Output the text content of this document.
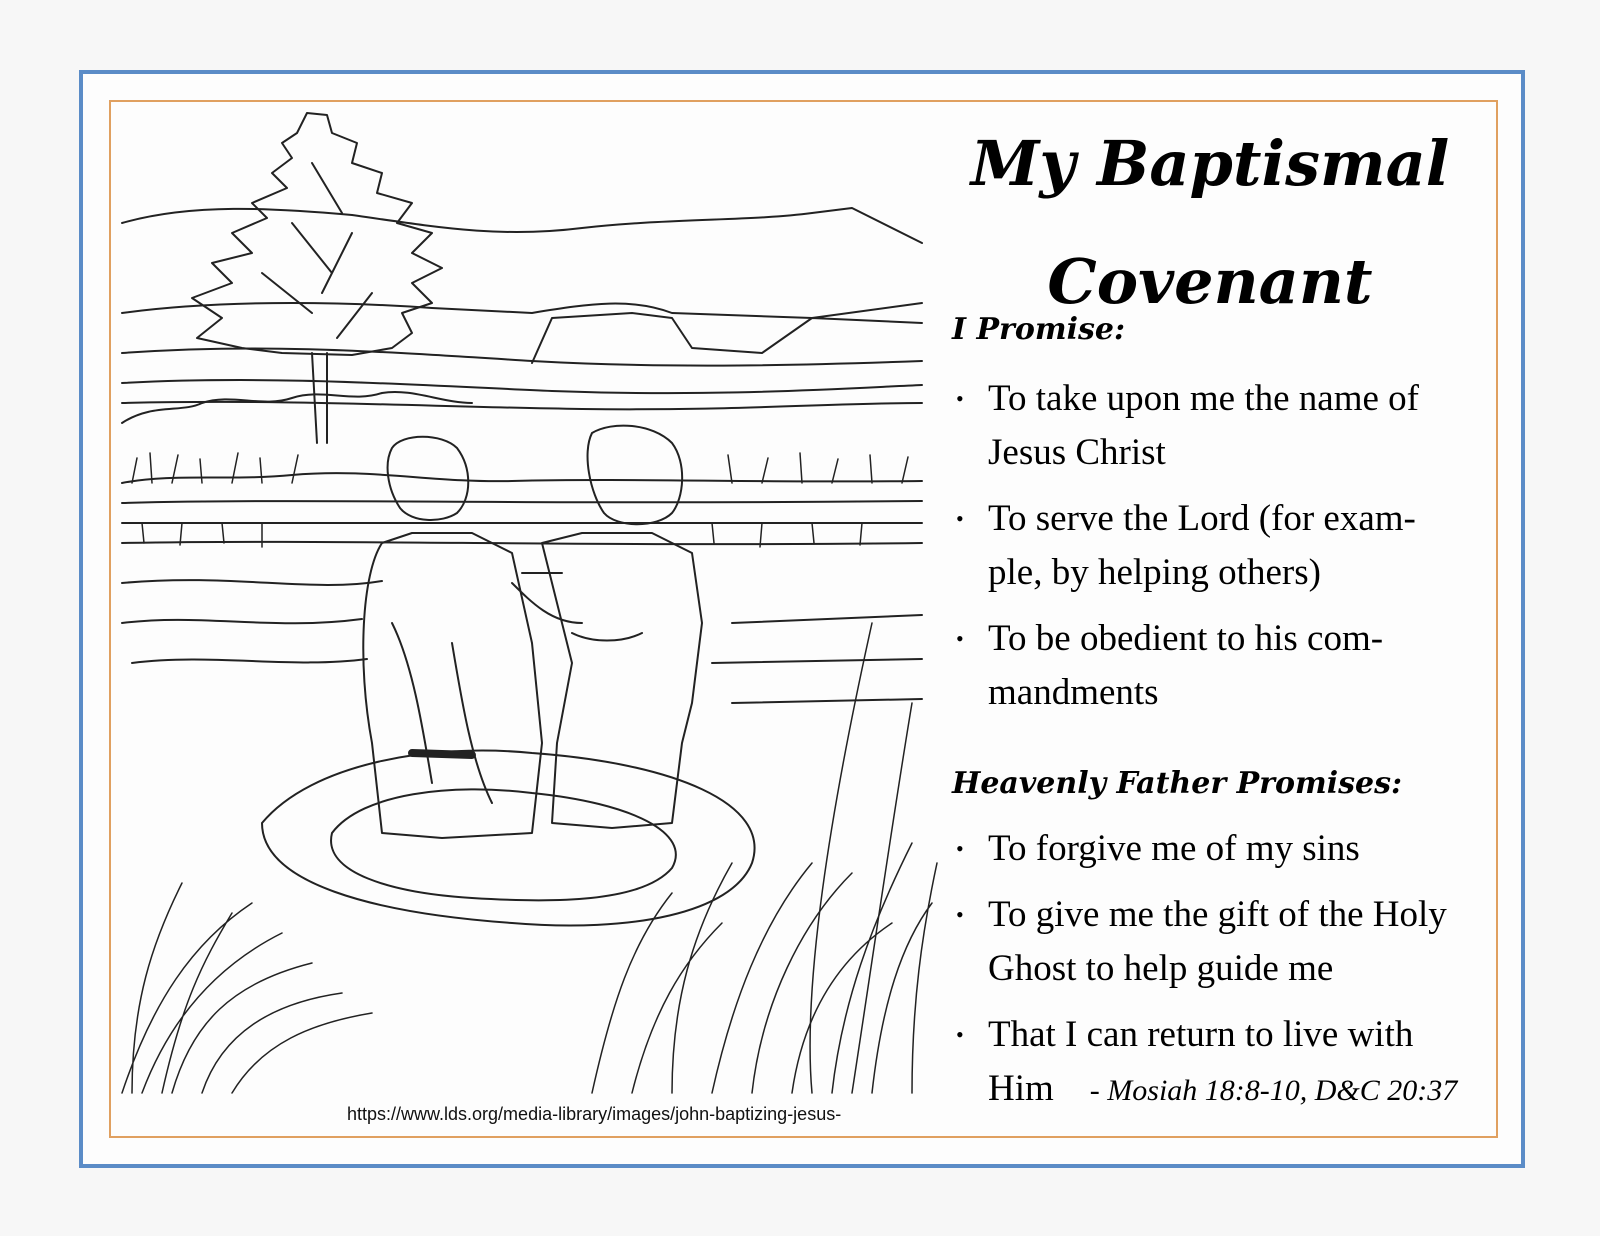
https://www.lds.org/media-library/images/john-baptizing-jesus-
My Baptismal
Covenant
I Promise:
• To take upon me the name of
Jesus Christ
• To serve the Lord (for exam-
ple, by helping others)
• To be obedient to his com-
mandments
Heavenly Father Promises:
• To forgive me of my sins
• To give me the gift of the Holy
Ghost to help guide me
• That I can return to live with
Him - Mosiah 18:8-10, D&C 20:37
